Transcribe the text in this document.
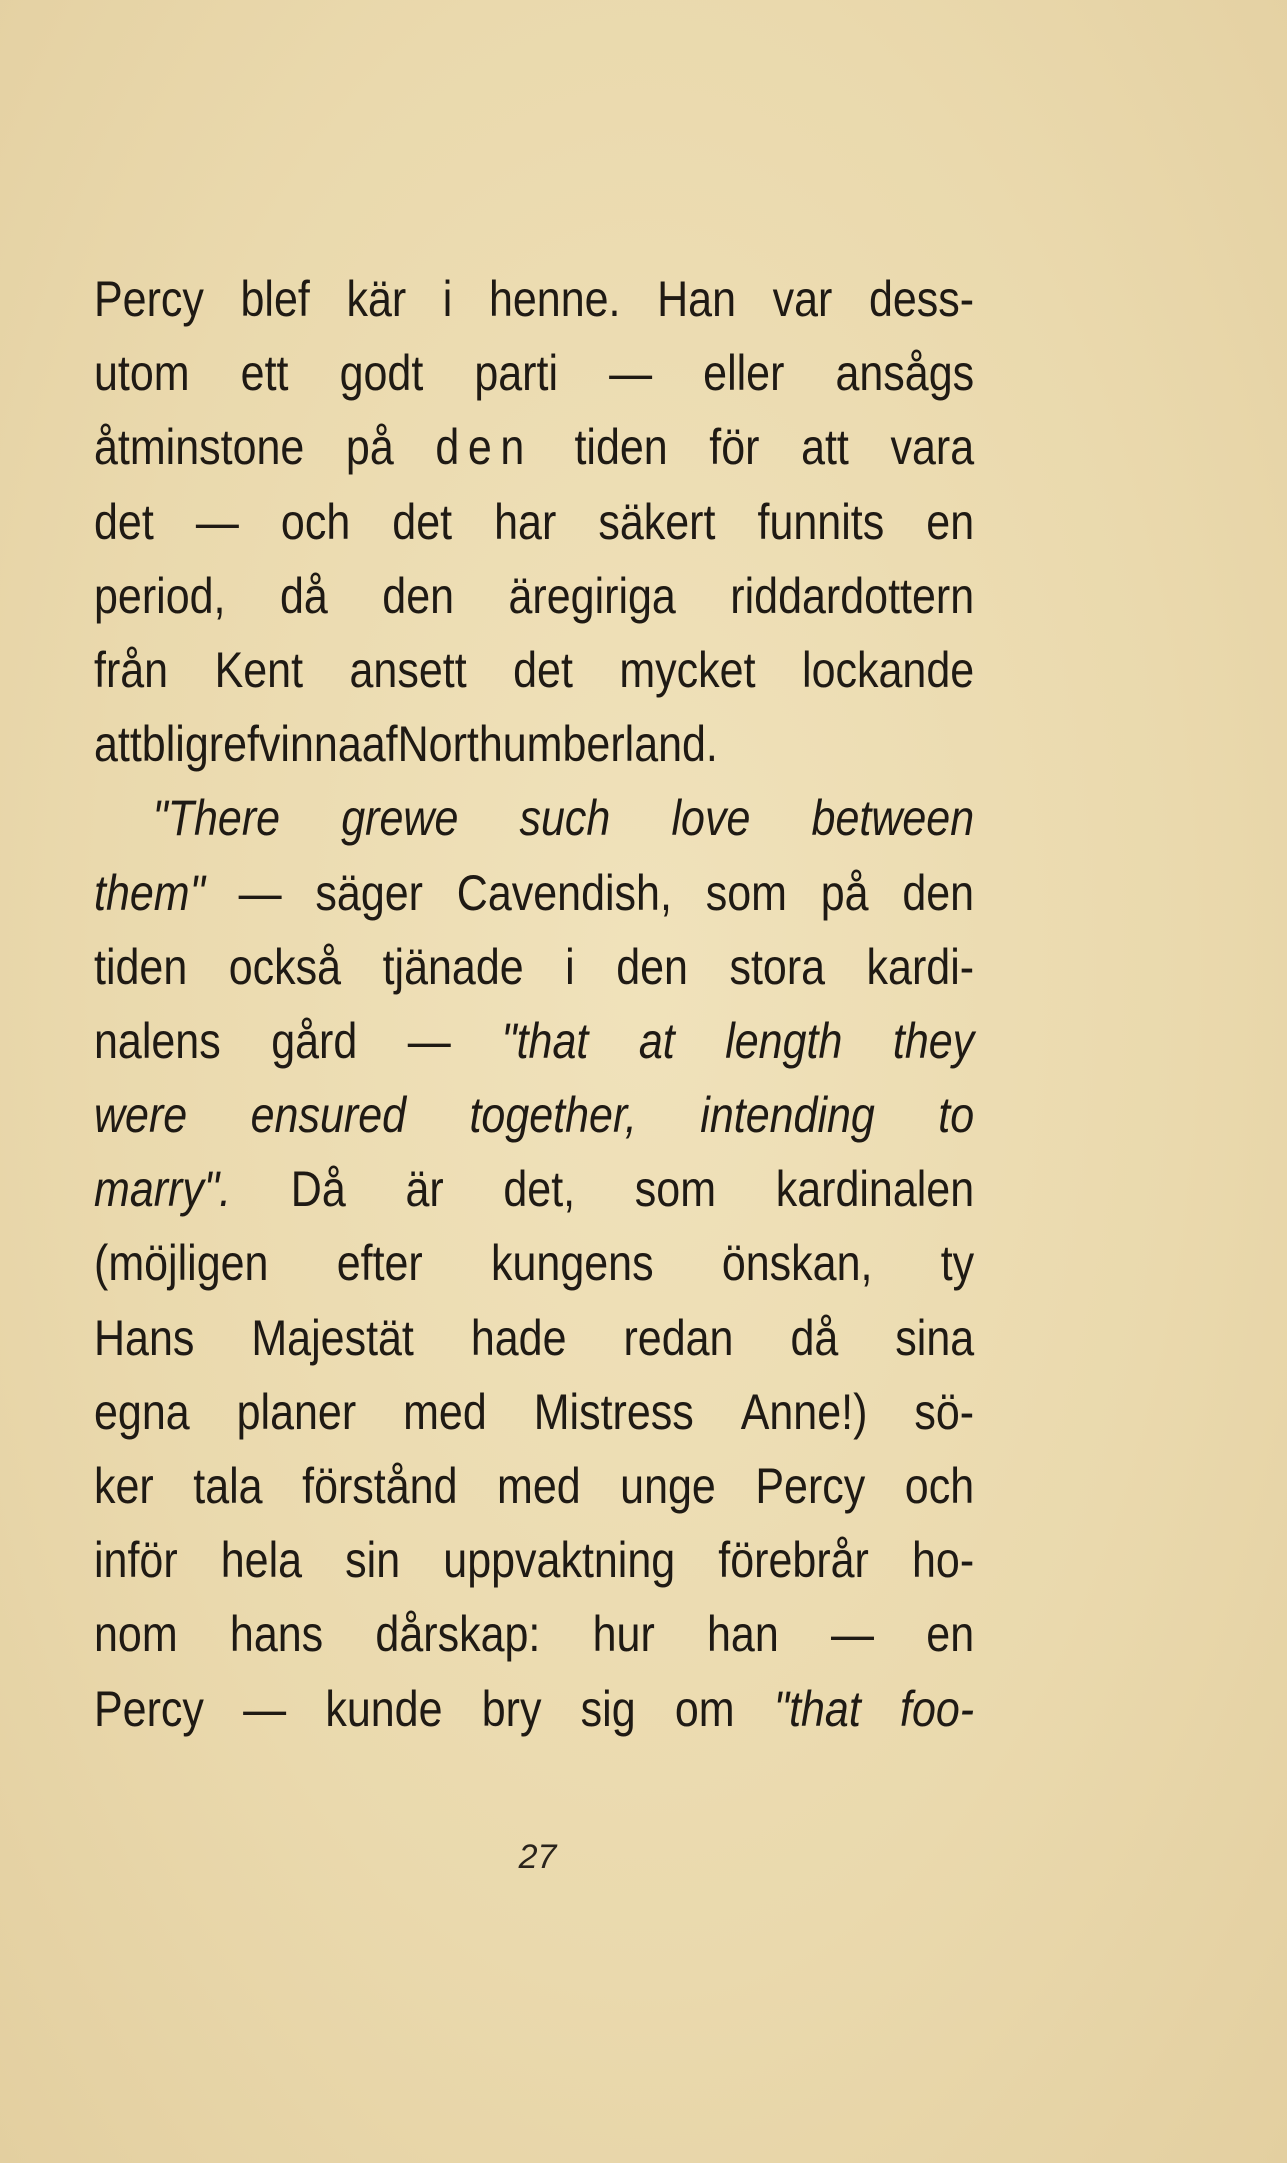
Percy blef kär i henne. Han var dess-
utom ett godt parti — eller ansågs
åtminstone på den tiden för att vara
det — och det har säkert funnits en
period, då den äregiriga riddardottern
från Kent ansett det mycket lockande
att bli grefvinna af Northumberland.
"There grewe such love between
them" — säger Cavendish, som på den
tiden också tjänade i den stora kardi-
nalens gård — "that at length they
were ensured together, intending to
marry". Då är det, som kardinalen
(möjligen efter kungens önskan, ty
Hans Majestät hade redan då sina
egna planer med Mistress Anne!) sö-
ker tala förstånd med unge Percy och
inför hela sin uppvaktning förebrår ho-
nom hans dårskap: hur han — en
Percy — kunde bry sig om "that foo-
27
